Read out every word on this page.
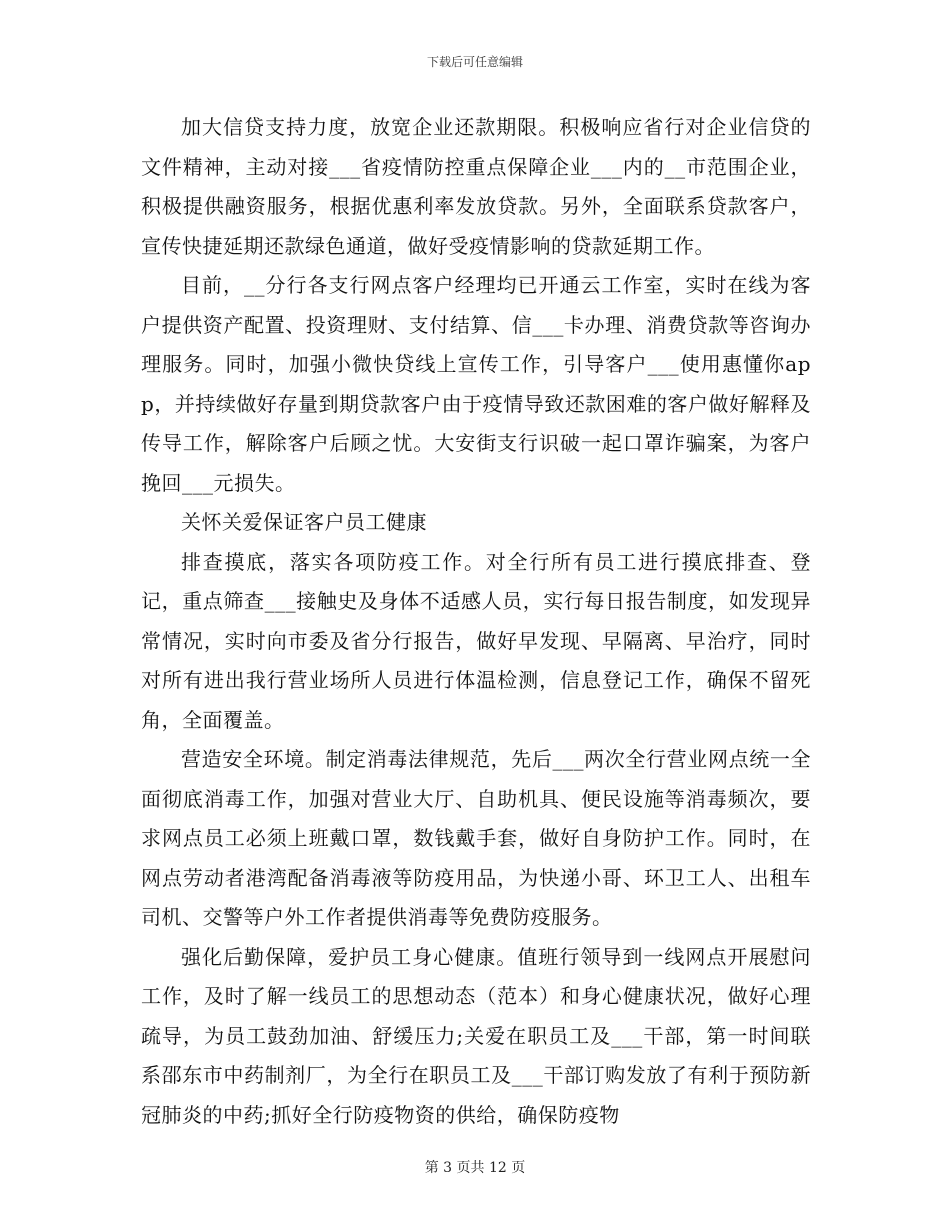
下载后可任意编辑

加大信贷支持力度，放宽企业还款期限。积极响应省行对企业信贷的文件精神，主动对接___省疫情防控重点保障企业___内的__市范围企业，积极提供融资服务，根据优惠利率发放贷款。另外，全面联系贷款客户，宣传快捷延期还款绿色通道，做好受疫情影响的贷款延期工作。

目前，__分行各支行网点客户经理均已开通云工作室，实时在线为客户提供资产配置、投资理财、支付结算、信___卡办理、消费贷款等咨询办理服务。同时，加强小微快贷线上宣传工作，引导客户___使用惠懂你app，并持续做好存量到期贷款客户由于疫情导致还款困难的客户做好解释及传导工作，解除客户后顾之忧。大安街支行识破一起口罩诈骗案，为客户挽回___元损失。

关怀关爱保证客户员工健康

排查摸底，落实各项防疫工作。对全行所有员工进行摸底排查、登记，重点筛查___接触史及身体不适感人员，实行每日报告制度，如发现异常情况，实时向市委及省分行报告，做好早发现、早隔离、早治疗，同时对所有进出我行营业场所人员进行体温检测，信息登记工作，确保不留死角，全面覆盖。

营造安全环境。制定消毒法律规范，先后___两次全行营业网点统一全面彻底消毒工作，加强对营业大厅、自助机具、便民设施等消毒频次，要求网点员工必须上班戴口罩，数钱戴手套，做好自身防护工作。同时，在网点劳动者港湾配备消毒液等防疫用品，为快递小哥、环卫工人、出租车司机、交警等户外工作者提供消毒等免费防疫服务。

强化后勤保障，爱护员工身心健康。值班行领导到一线网点开展慰问工作，及时了解一线员工的思想动态（范本）和身心健康状况，做好心理疏导，为员工鼓劲加油、舒缓压力;关爱在职员工及___干部，第一时间联系邵东市中药制剂厂，为全行在职员工及___干部订购发放了有利于预防新冠肺炎的中药;抓好全行防疫物资的供给，确保防疫物

第 3 页共 12 页
